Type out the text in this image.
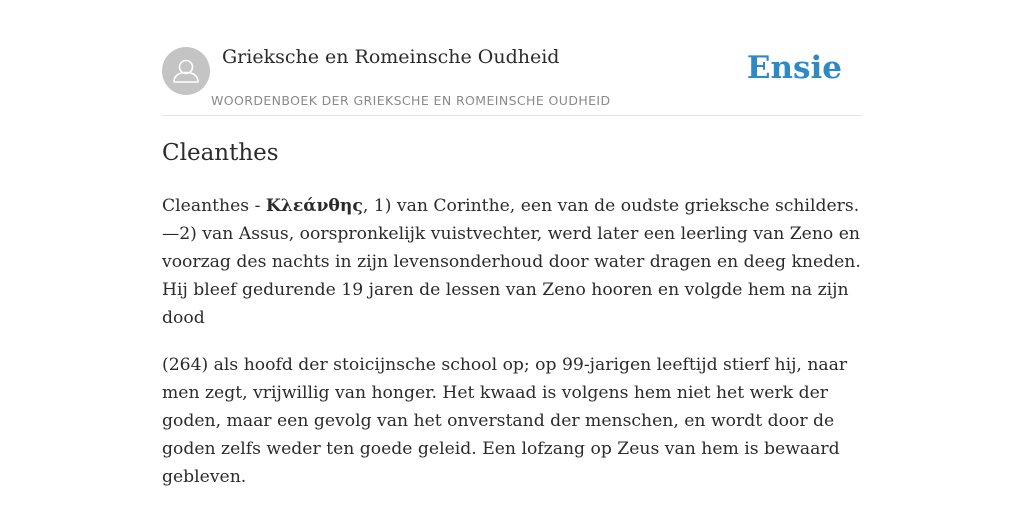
Grieksche en Romeinsche Oudheid
WOORDENBOEK DER GRIEKSCHE EN ROMEINSCHE OUDHEID
Ensie
Cleanthes

Cleanthes - Κλεάνθης, 1) van Corinthe, een van de oudste grieksche schilders. —2) van Assus, oorspronkelijk vuistvechter, werd later een leerling van Zeno en voorzag des nachts in zijn levensonderhoud door water dragen en deeg kneden. Hij bleef gedurende 19 jaren de lessen van Zeno hooren en volgde hem na zijn dood

(264) als hoofd der stoicijnsche school op; op 99-jarigen leeftijd stierf hij, naar men zegt, vrijwillig van honger. Het kwaad is volgens hem niet het werk der goden, maar een gevolg van het onverstand der menschen, en wordt door de goden zelfs weder ten goede geleid. Een lofzang op Zeus van hem is bewaard gebleven.
